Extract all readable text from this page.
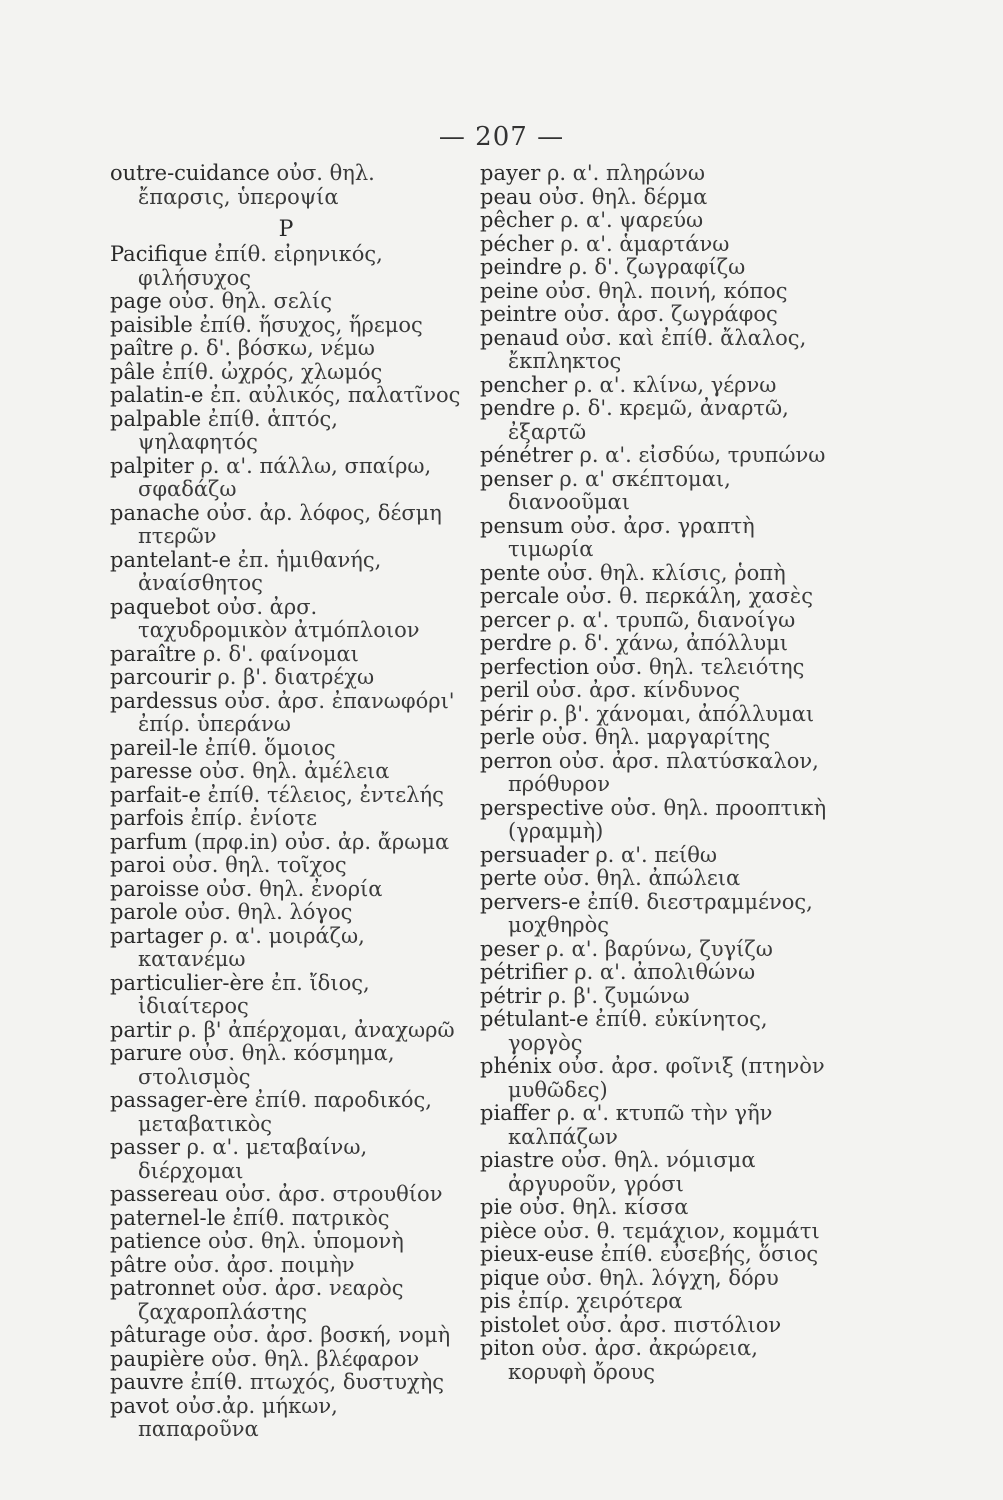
— 207 —
outre-cuidance οὐσ. θηλ. ἔπαρσις, ὑπεροψία
P
Pacifique ἐπίθ. εἰρηνικός, φιλήσυχος
page οὐσ. θηλ. σελίς
paisible ἐπίθ. ἥσυχος, ἥρεμος
paître ρ. δ'. βόσκω, νέμω
pâle ἐπίθ. ὠχρός, χλωμός
palatin-e ἐπ. αὐλικός, παλατῖνος
palpable ἐπίθ. ἁπτός, ψηλαφητός
palpiter ρ. α'. πάλλω, σπαίρω, σφαδάζω
panache οὐσ. ἀρ. λόφος, δέσμη πτερῶν
pantelant-e ἐπ. ἡμιθανής, ἀναίσθητος
paquebot οὐσ. ἀρσ. ταχυδρομικὸν ἀτμόπλοιον
paraître ρ. δ'. φαίνομαι
parcourir ρ. β'. διατρέχω
pardessus οὐσ. ἀρσ. ἐπανωφόρι' ἐπίρ. ὑπεράνω
pareil-le ἐπίθ. ὅμοιος
paresse οὐσ. θηλ. ἀμέλεια
parfait-e ἐπίθ. τέλειος, ἐντελής
parfois ἐπίρ. ἐνίοτε
parfum (πρφ.in) οὐσ. ἀρ. ἄρωμα
paroi οὐσ. θηλ. τοῖχος
paroisse οὐσ. θηλ. ἐνορία
parole οὐσ. θηλ. λόγος
partager ρ. α'. μοιράζω, κατανέμω
particulier-ère ἐπ. ἴδιος, ἰδιαίτερος
partir ρ. β' ἀπέρχομαι, ἀναχωρῶ
parure οὐσ. θηλ. κόσμημα, στολισμὸς
passager-ère ἐπίθ. παροδικός, μεταβατικὸς
passer ρ. α'. μεταβαίνω, διέρχομαι
passereau οὐσ. ἀρσ. στρουθίον
paternel-le ἐπίθ. πατρικὸς
patience οὐσ. θηλ. ὑπομονὴ
pâtre οὐσ. ἀρσ. ποιμὴν
patronnet οὐσ. ἀρσ. νεαρὸς ζαχαροπλάστης
pâturage οὐσ. ἀρσ. βοσκή, νομὴ
paupière οὐσ. θηλ. βλέφαρον
pauvre ἐπίθ. πτωχός, δυστυχὴς
pavot οὐσ.ἀρ. μήκων, παπαροῦνα
payer ρ. α'. πληρώνω
peau οὐσ. θηλ. δέρμα
pêcher ρ. α'. ψαρεύω
pécher ρ. α'. ἁμαρτάνω
peindre ρ. δ'. ζωγραφίζω
peine οὐσ. θηλ. ποινή, κόπος
peintre οὐσ. ἀρσ. ζωγράφος
penaud οὐσ. καὶ ἐπίθ. ἄλαλος, ἔκπληκτος
pencher ρ. α'. κλίνω, γέρνω
pendre ρ. δ'. κρεμῶ, ἀναρτῶ, ἐξαρτῶ
pénétrer ρ. α'. εἰσδύω, τρυπώνω
penser ρ. α' σκέπτομαι, διανοοῦμαι
pensum οὐσ. ἀρσ. γραπτὴ τιμωρία
pente οὐσ. θηλ. κλίσις, ῥοπὴ
percale οὐσ. θ. περκάλη, χασὲς
percer ρ. α'. τρυπῶ, διανοίγω
perdre ρ. δ'. χάνω, ἀπόλλυμι
perfection οὐσ. θηλ. τελειότης
peril οὐσ. ἀρσ. κίνδυνος
périr ρ. β'. χάνομαι, ἀπόλλυμαι
perle οὐσ. θηλ. μαργαρίτης
perron οὐσ. ἀρσ. πλατύσκαλον, πρόθυρον
perspective οὐσ. θηλ. προοπτικὴ (γραμμὴ)
persuader ρ. α'. πείθω
perte οὐσ. θηλ. ἀπώλεια
pervers-e ἐπίθ. διεστραμμένος, μοχθηρὸς
peser ρ. α'. βαρύνω, ζυγίζω
pétrifier ρ. α'. ἀπολιθώνω
pétrir ρ. β'. ζυμώνω
pétulant-e ἐπίθ. εὐκίνητος, γοργὸς
phénix οὐσ. ἀρσ. φοῖνιξ (πτηνὸν μυθῶδες)
piaffer ρ. α'. κτυπῶ τὴν γῆν καλπάζων
piastre οὐσ. θηλ. νόμισμα ἀργυροῦν, γρόσι
pie οὐσ. θηλ. κίσσα
pièce οὐσ. θ. τεμάχιον, κομμάτι
pieux-euse ἐπίθ. εὐσεβής, ὅσιος
pique οὐσ. θηλ. λόγχη, δόρυ
pis ἐπίρ. χειρότερα
pistolet οὐσ. ἀρσ. πιστόλιον
piton οὐσ. ἀρσ. ἀκρώρεια, κορυφὴ ὄρους
